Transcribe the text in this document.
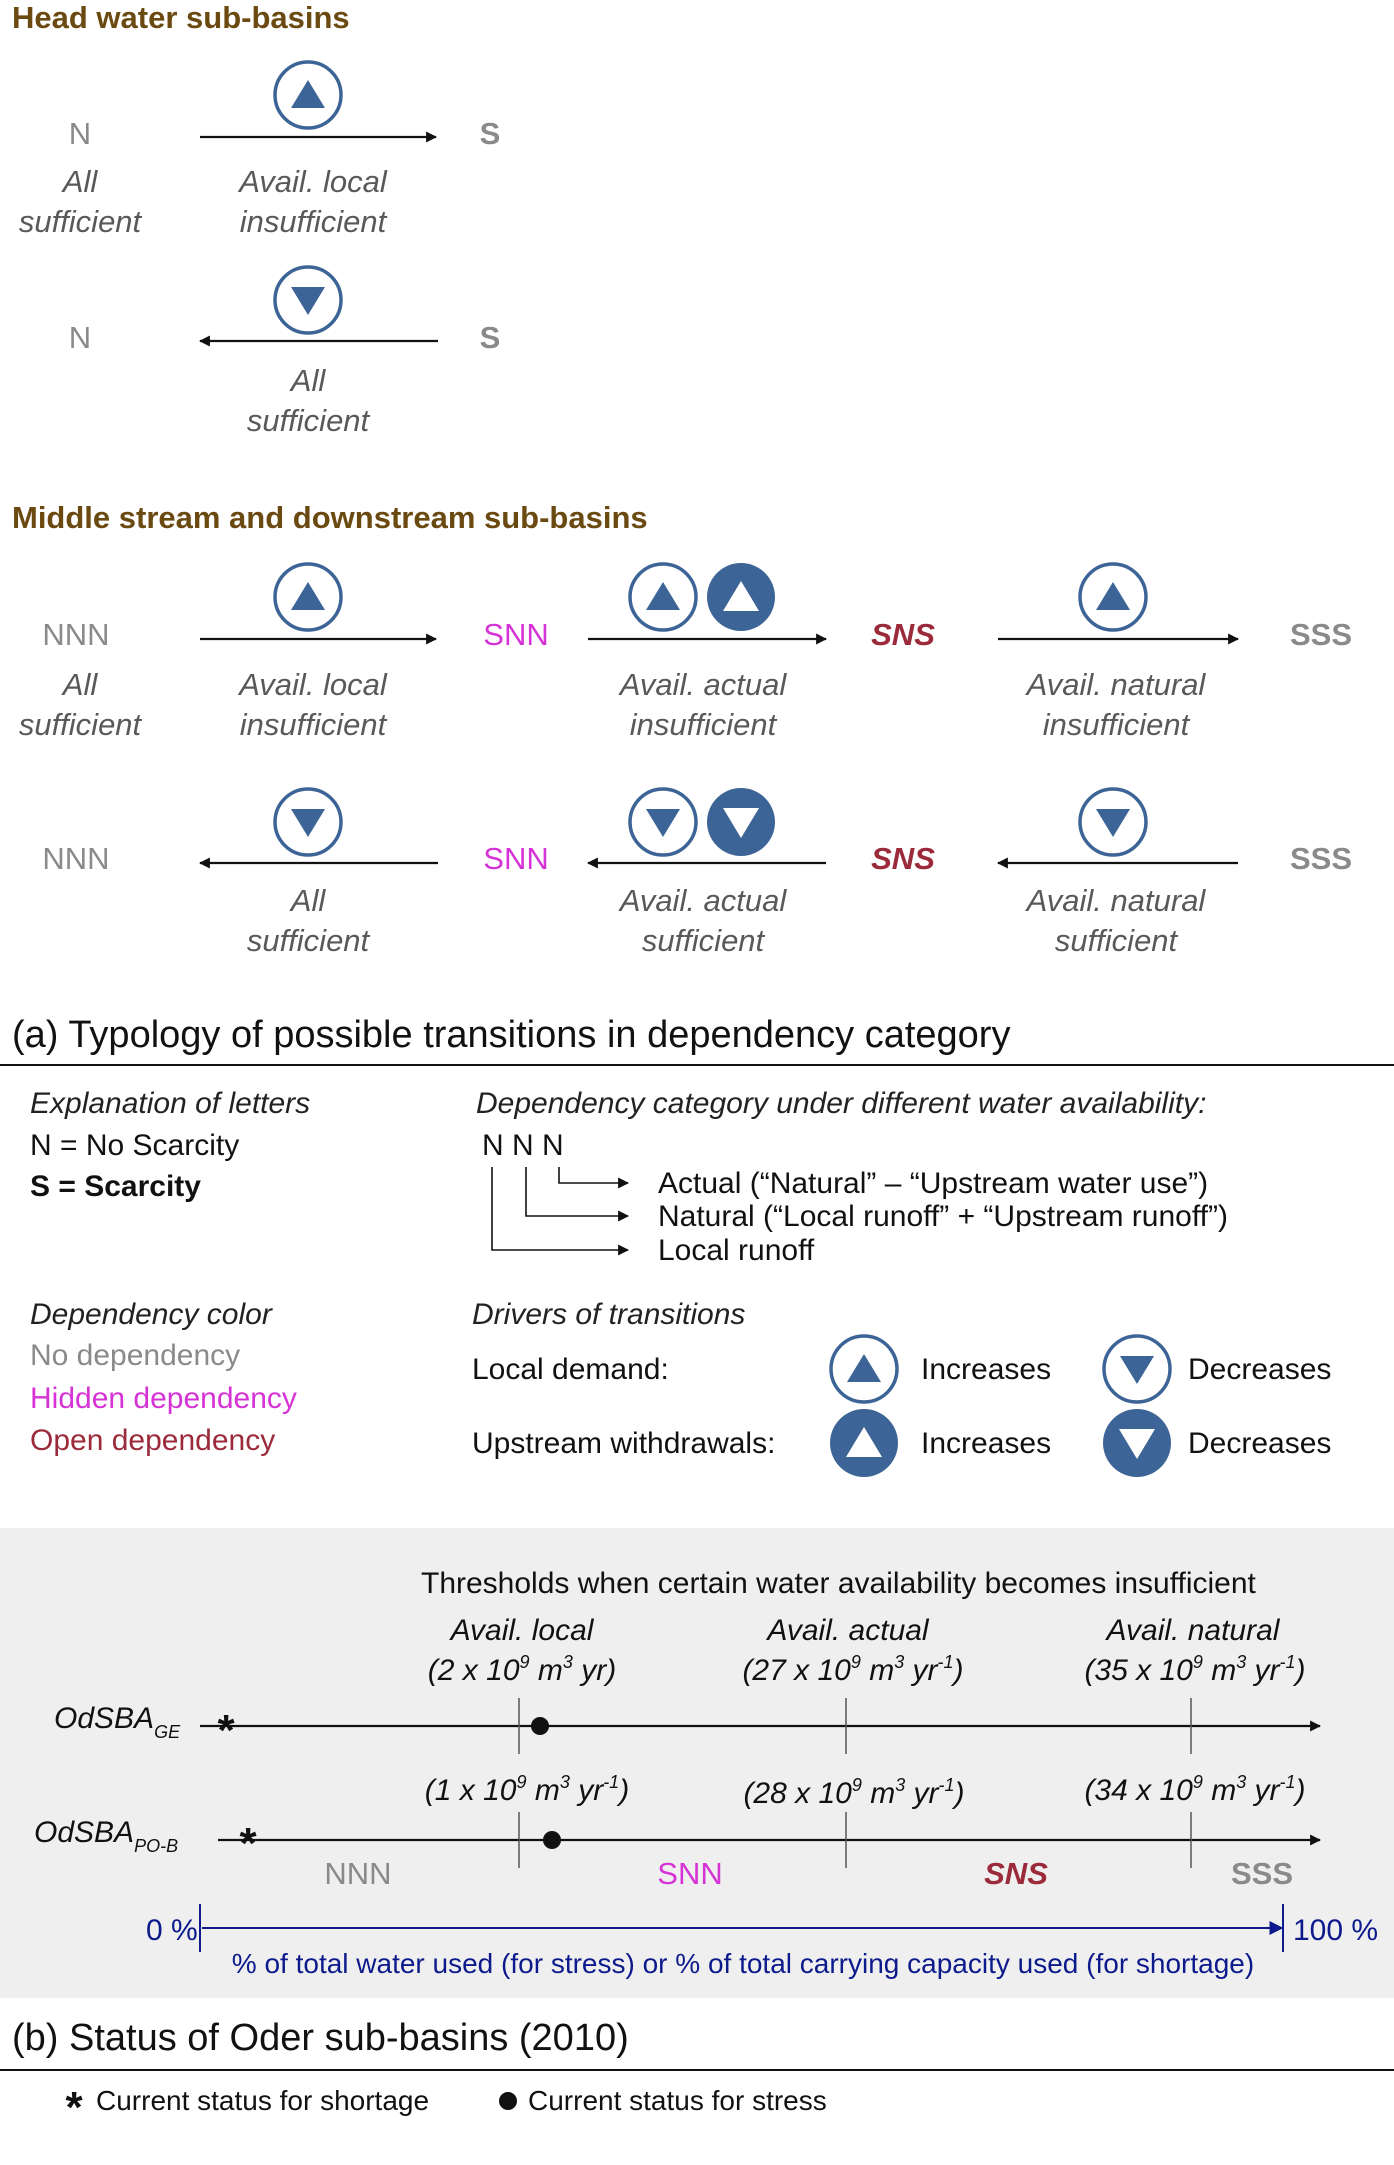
Head water sub-basins
N
All
sufficient
Avail. local
insufficient
S
N
All
sufficient
S
Middle stream and downstream sub-basins
NNN
All
sufficient
Avail. local
insufficient
SNN
Avail. actual
insufficient
SNS
Avail. natural
insufficient
SSS
NNN
All
sufficient
SNN
Avail. actual
sufficient
SNS
Avail. natural
sufficient
SSS
(a) Typology of possible transitions in dependency category
Explanation of letters
N = No Scarcity
S = Scarcity
Dependency category under different water availability:
N N N
Actual (“Natural” – “Upstream water use”)
Natural (“Local runoff” + “Upstream runoff”)
Local runoff
Dependency color
No dependency
Hidden dependency
Open dependency
Drivers of transitions
Local demand:
Upstream withdrawals:
Increases	Decreases
Increases	Decreases
Thresholds when certain water availability becomes insufficient
Avail. local	Avail. actual	Avail. natural
(2 x $10^9$ $m^3$ yr)	(27 x $10^9$ $m^3$ $yr^{-1}$)	(35 x $10^9$ $m^3$ $yr^{-1}$)
OdSBA$_{GE}$ *
(1 x $10^9$ $m^3$ $yr^{-1}$)	(28 x $10^9$ $m^3$ $yr^{-1}$)	(34 x $10^9$ $m^3$ $yr^{-1}$)
OdSBA$_{PO-B}$ *
NNN	SNN	SNS	SSS
0 %	100 %
% of total water used (for stress) or % of total carrying capacity used (for shortage)
(b) Status of Oder sub-basins (2010)
* Current status for shortage	Current status for stress
